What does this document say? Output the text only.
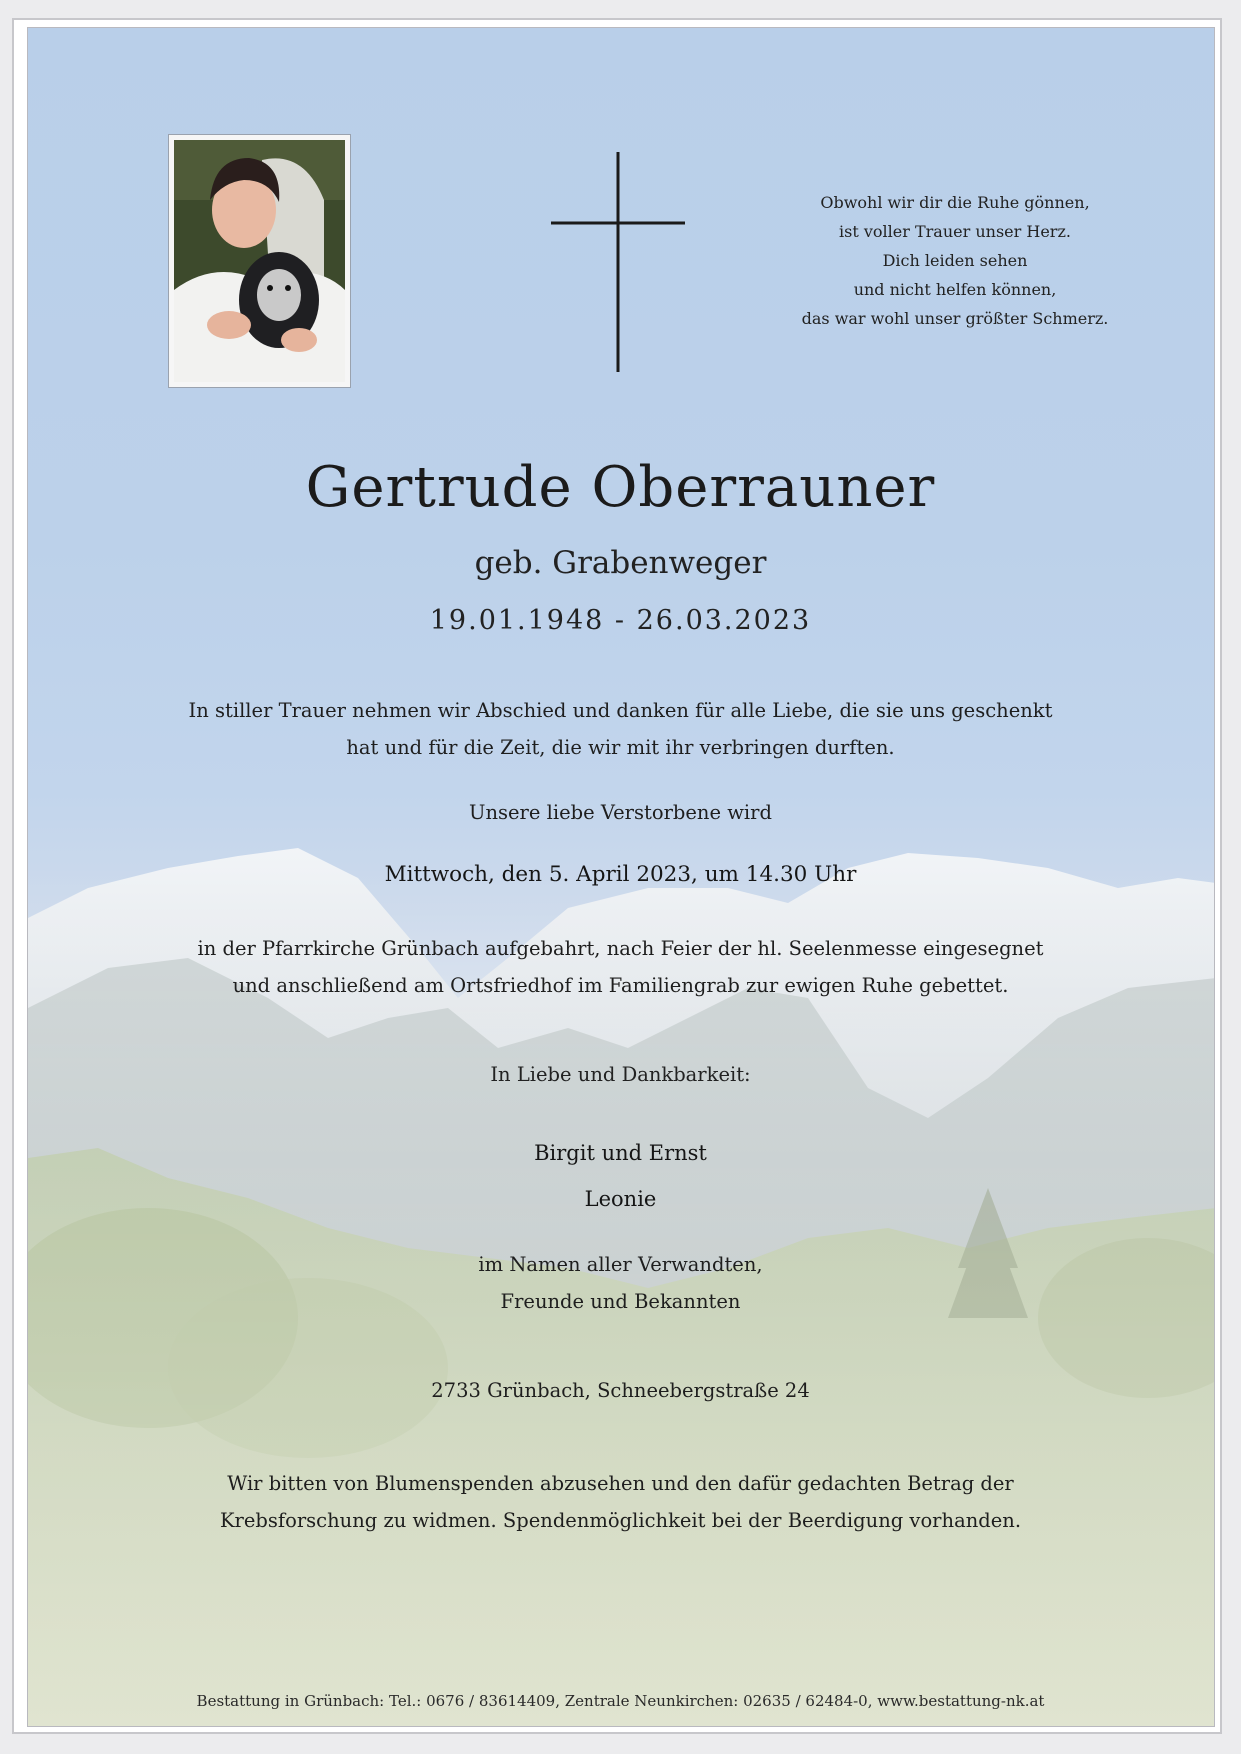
Obwohl wir dir die Ruhe gönnen,
ist voller Trauer unser Herz.
Dich leiden sehen
und nicht helfen können,
das war wohl unser größter Schmerz.
Gertrude Oberrauner
geb. Grabenweger
19.01.1948 - 26.03.2023
In stiller Trauer nehmen wir Abschied und danken für alle Liebe, die sie uns geschenkt
hat und für die Zeit, die wir mit ihr verbringen durften.
Unsere liebe Verstorbene wird
Mittwoch, den 5. April 2023, um 14.30 Uhr
in der Pfarrkirche Grünbach aufgebahrt, nach Feier der hl. Seelenmesse eingesegnet
und anschließend am Ortsfriedhof im Familiengrab zur ewigen Ruhe gebettet.
In Liebe und Dankbarkeit:
Birgit und Ernst
Leonie
im Namen aller Verwandten,
Freunde und Bekannten
2733 Grünbach, Schneebergstraße 24
Wir bitten von Blumenspenden abzusehen und den dafür gedachten Betrag der
Krebsforschung zu widmen. Spendenmöglichkeit bei der Beerdigung vorhanden.
Bestattung in Grünbach: Tel.: 0676 / 83614409, Zentrale Neunkirchen: 02635 / 62484-0, www.bestattung-nk.at
